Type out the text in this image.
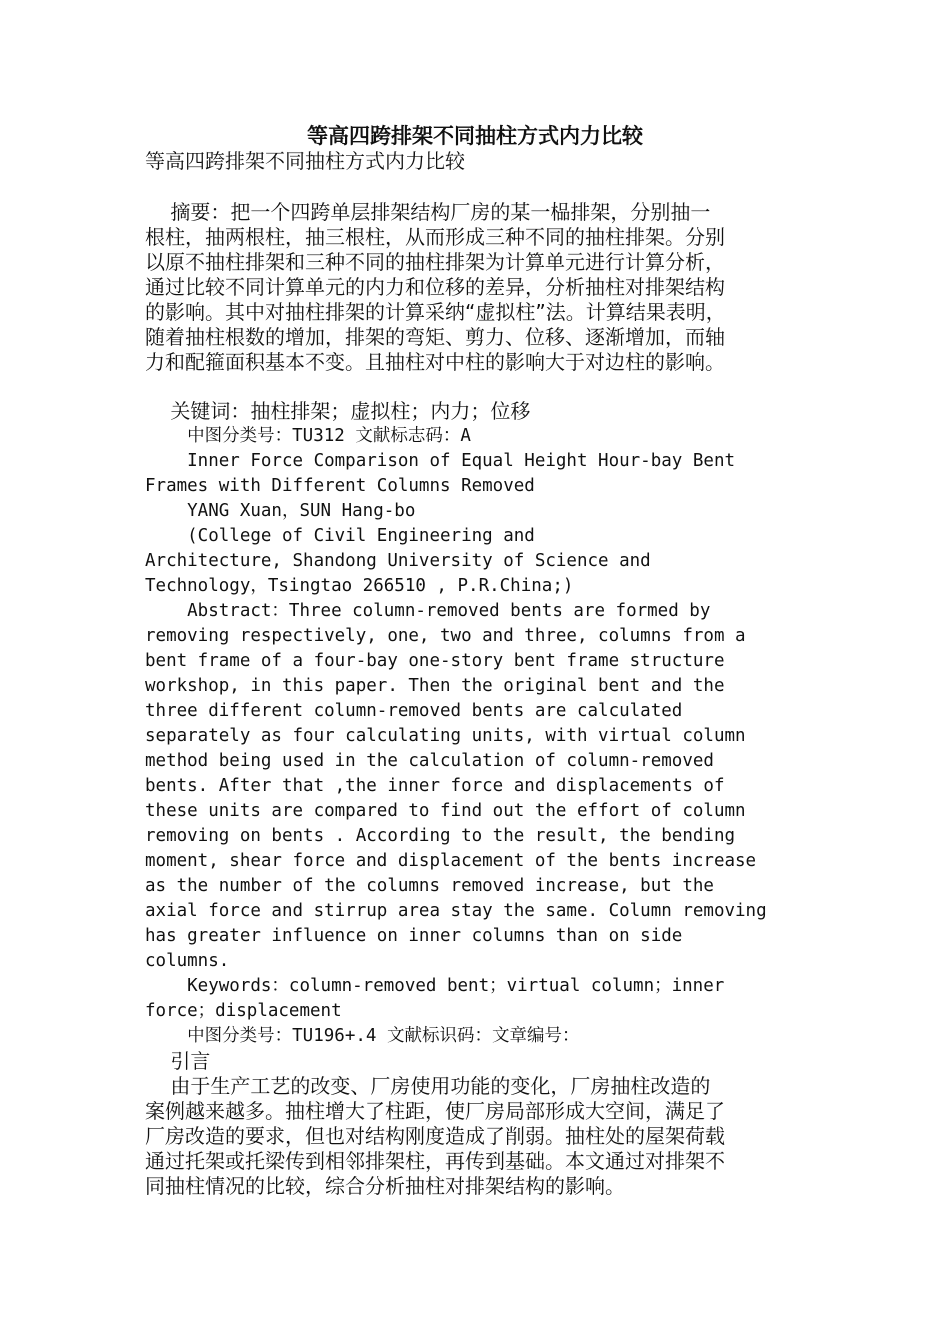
等高四跨排架不同抽柱方式内力比较
等高四跨排架不同抽柱方式内力比较
摘要：把一个四跨单层排架结构厂房的某一榀排架，分别抽一
根柱，抽两根柱，抽三根柱，从而形成三种不同的抽柱排架。分别
以原不抽柱排架和三种不同的抽柱排架为计算单元进行计算分析，
通过比较不同计算单元的内力和位移的差异，分析抽柱对排架结构
的影响。其中对抽柱排架的计算采纳“虚拟柱”法。计算结果表明，
随着抽柱根数的增加，排架的弯矩、剪力、位移、逐渐增加，而轴
力和配箍面积基本不变。且抽柱对中柱的影响大于对边柱的影响。
关键词：抽柱排架；虚拟柱；内力；位移
中图分类号：TU312 文献标志码：A
Inner Force Comparison of Equal Height Hour-bay Bent
Frames with Different Columns Removed
YANG Xuan，SUN Hang-bo
(College of Civil Engineering and
Architecture, Shandong University of Science and
Technology，Tsingtao 266510 , P.R.China;)
Abstract：Three column-removed bents are formed by
removing respectively, one, two and three, columns from a
bent frame of a four-bay one-story bent frame structure
workshop, in this paper. Then the original bent and the
three different column-removed bents are calculated
separately as four calculating units, with virtual column
method being used in the calculation of column-removed
bents. After that ,the inner force and displacements of
these units are compared to find out the effort of column
removing on bents . According to the result, the bending
moment, shear force and displacement of the bents increase
as the number of the columns removed increase, but the
axial force and stirrup area stay the same. Column removing
has greater influence on inner columns than on side
columns.
Keywords：column-removed bent；virtual column；inner
force；displacement
中图分类号：TU196+.4 文献标识码：文章编号：
引言
由于生产工艺的改变、厂房使用功能的变化，厂房抽柱改造的
案例越来越多。抽柱增大了柱距，使厂房局部形成大空间，满足了
厂房改造的要求，但也对结构刚度造成了削弱。抽柱处的屋架荷载
通过托架或托梁传到相邻排架柱，再传到基础。本文通过对排架不
同抽柱情况的比较，综合分析抽柱对排架结构的影响。
